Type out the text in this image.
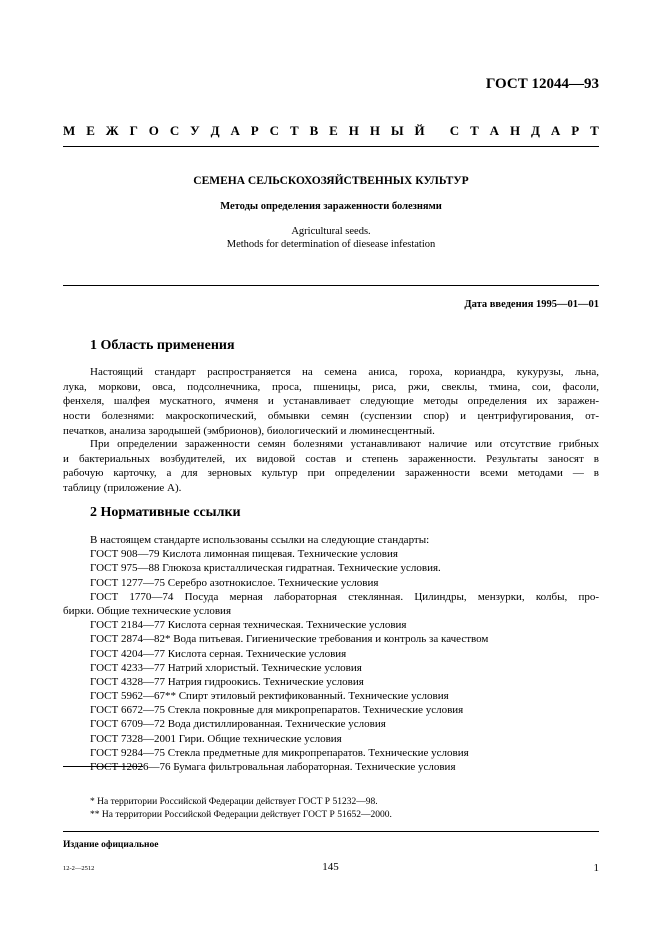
ГОСТ 12044—93
М Е Ж Г О С У Д А Р С Т В Е Н Н Ы Й
С Т А Н Д А Р Т
СЕМЕНА СЕЛЬСКОХОЗЯЙСТВЕННЫХ КУЛЬТУР
Методы определения зараженности болезнями
Agricultural seeds.
Methods for determination of diesease infestation
Дата введения 1995—01—01
1 Область применения
Настоящий стандарт распространяется на семена аниса, гороха, кориандра, кукурузы, льна,
лука, моркови, овса, подсолнечника, проса, пшеницы, риса, ржи, свеклы, тмина, сои, фасоли,
фенхеля, шалфея мускатного, ячменя и устанавливает следующие методы определения их заражен-
ности болезнями: макроскопический, обмывки семян (суспензии спор) и центрифугирования, от-
печатков, анализа зародышей (эмбрионов), биологический и люминесцентный.
При определении зараженности семян болезнями устанавливают наличие или отсутствие грибных
и бактериальных возбудителей, их видовой состав и степень зараженности. Результаты заносят в
рабочую карточку, а для зерновых культур при определении зараженности всеми методами — в
таблицу (приложение А).
2 Нормативные ссылки
В настоящем стандарте использованы ссылки на следующие стандарты:
ГОСТ 908—79 Кислота лимонная пищевая. Технические условия
ГОСТ 975—88 Глюкоза кристаллическая гидратная. Технические условия.
ГОСТ 1277—75 Серебро азотнокислое. Технические условия
ГОСТ 1770—74 Посуда мерная лабораторная стеклянная. Цилиндры, мензурки, колбы, про-
бирки. Общие технические условия
ГОСТ 2184—77 Кислота серная техническая. Технические условия
ГОСТ 2874—82* Вода питьевая. Гигиенические требования и контроль за качеством
ГОСТ 4204—77 Кислота серная. Технические условия
ГОСТ 4233—77 Натрий хлористый. Технические условия
ГОСТ 4328—77 Натрия гидроокись. Технические условия
ГОСТ 5962—67** Спирт этиловый ректификованный. Технические условия
ГОСТ 6672—75 Стекла покровные для микропрепаратов. Технические условия
ГОСТ 6709—72 Вода дистиллированная. Технические условия
ГОСТ 7328—2001 Гири. Общие технические условия
ГОСТ 9284—75 Стекла предметные для микропрепаратов. Технические условия
ГОСТ 12026—76 Бумага фильтровальная лабораторная. Технические условия
* На территории Российской Федерации действует ГОСТ Р 51232—98.
** На территории Российской Федерации действует ГОСТ Р 51652—2000.
Издание официальное
12-2—2512	145	1
